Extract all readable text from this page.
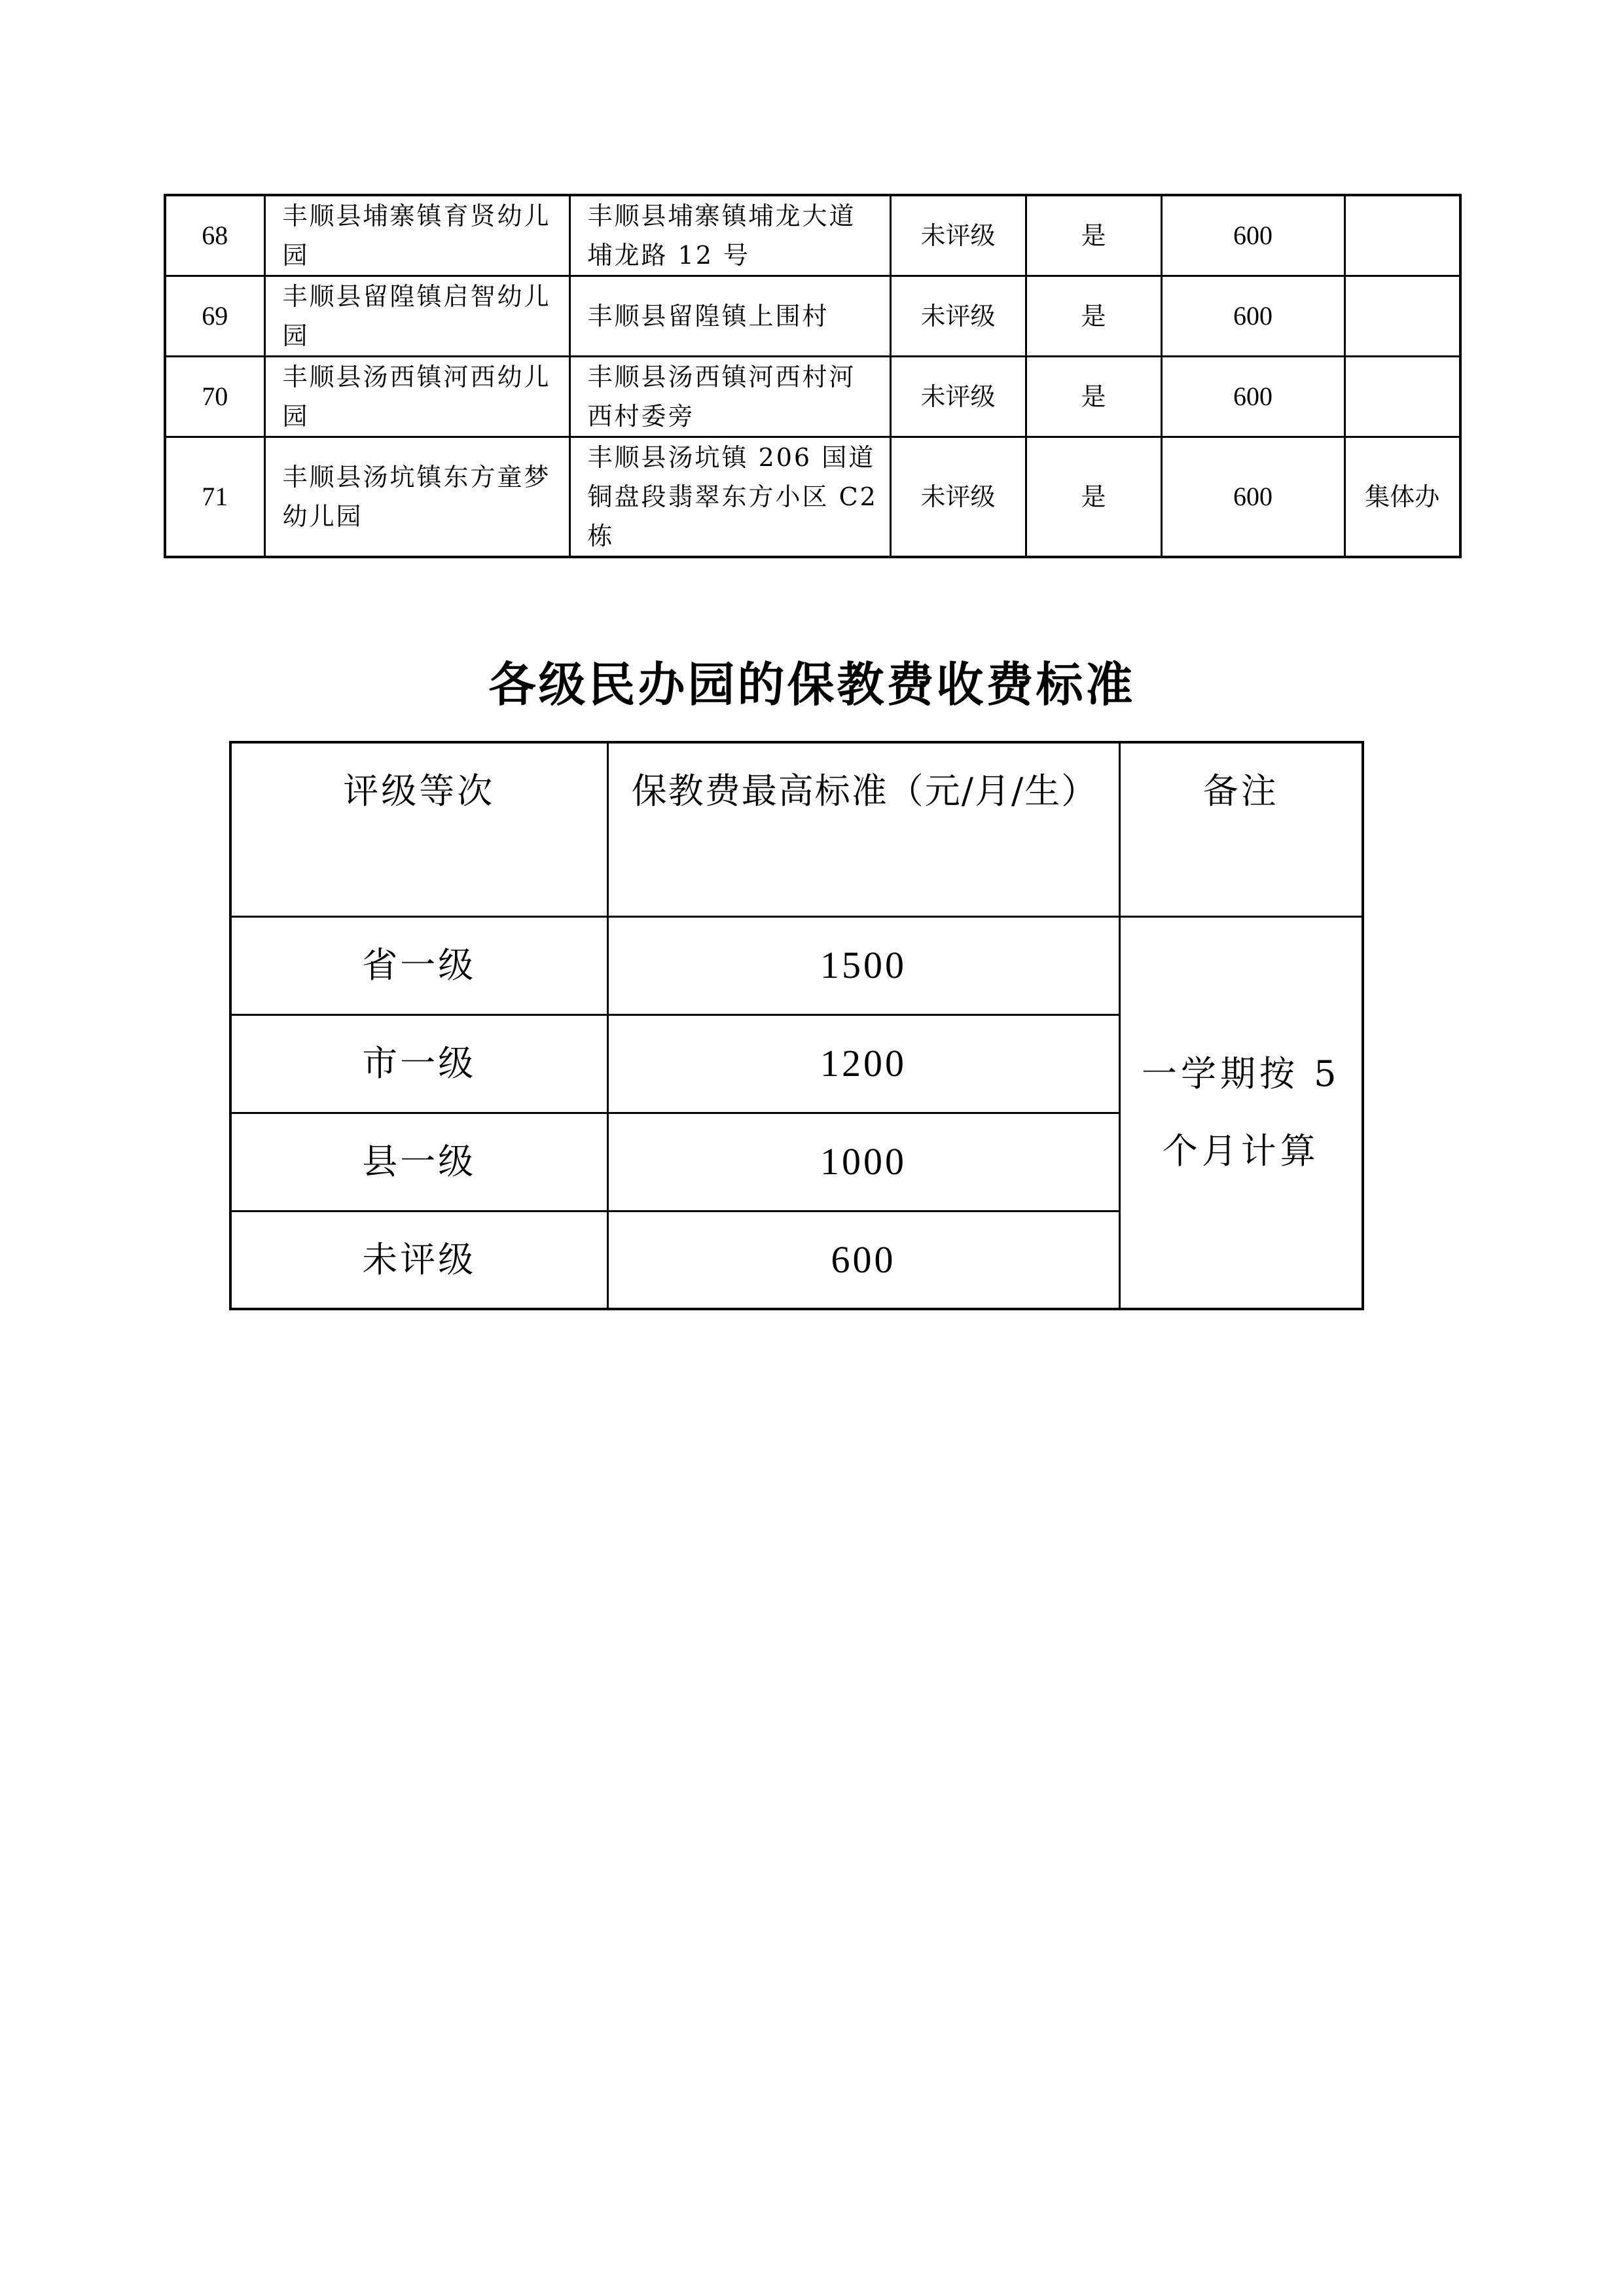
68	丰顺县埔寨镇育贤幼儿园	丰顺县埔寨镇埔龙大道埔龙路 12 号	未评级	是	600	
69	丰顺县留隍镇启智幼儿园	丰顺县留隍镇上围村	未评级	是	600	
70	丰顺县汤西镇河西幼儿园	丰顺县汤西镇河西村河西村委旁	未评级	是	600	
71	丰顺县汤坑镇东方童梦幼儿园	丰顺县汤坑镇 206 国道铜盘段翡翠东方小区 C2 栋	未评级	是	600	集体办
各级民办园的保教费收费标准
评级等次	保教费最高标准（元/月/生）	备注
省一级	1500	一学期按 5 个月计算
市一级	1200	
县一级	1000	
未评级	600	
